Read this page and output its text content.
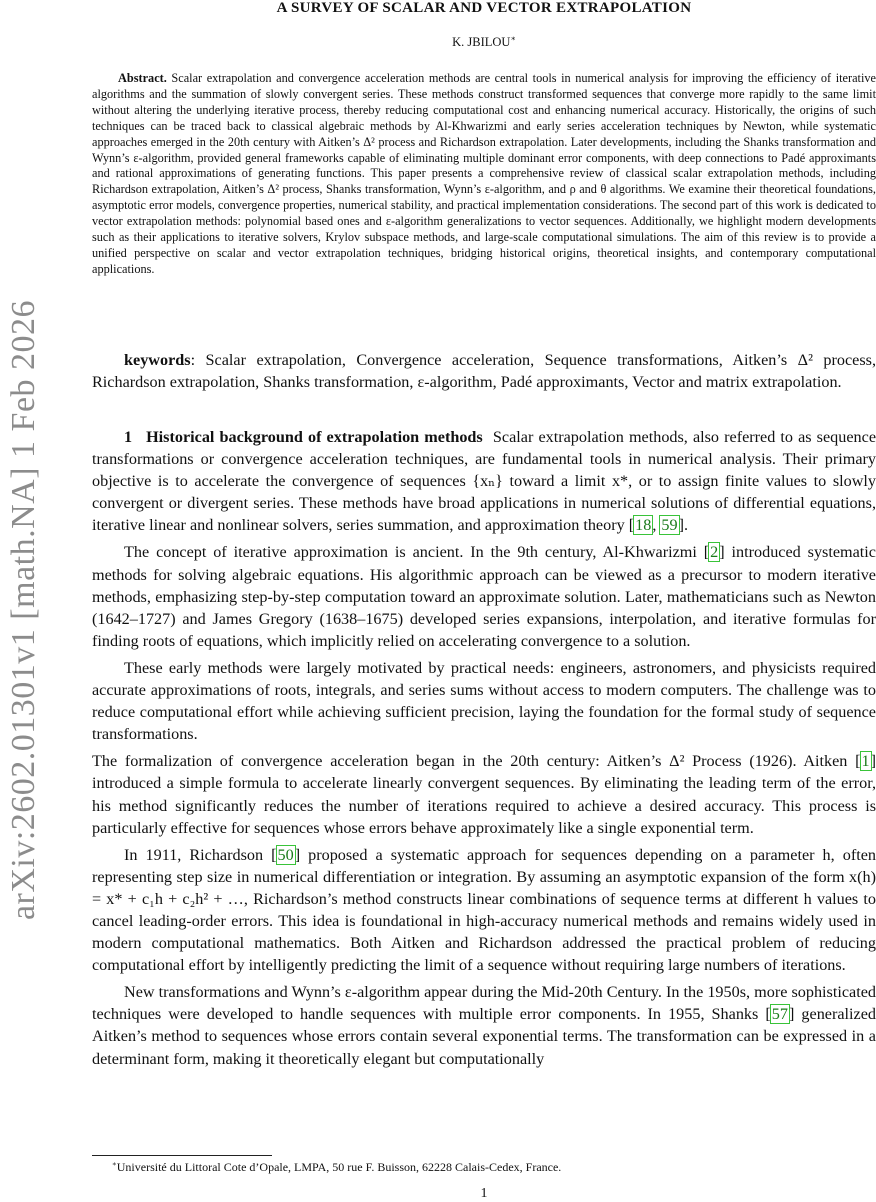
arXiv:2602.01301v1 [math.NA] 1 Feb 2026
A SURVEY OF SCALAR AND VECTOR EXTRAPOLATION
K. JBILOU∗

Abstract. Scalar extrapolation and convergence acceleration methods are central tools in numerical analysis for improving the efficiency of iterative algorithms and the summation of slowly convergent series. These methods construct transformed sequences that converge more rapidly to the same limit without altering the underlying iterative process, thereby reducing computational cost and enhancing numerical accuracy. Historically, the origins of such techniques can be traced back to classical algebraic methods by Al-Khwarizmi and early series acceleration techniques by Newton, while systematic approaches emerged in the 20th century with Aitken’s Δ² process and Richardson extrapolation. Later developments, including the Shanks transformation and Wynn’s ε-algorithm, provided general frameworks capable of eliminating multiple dominant error components, with deep connections to Padé approximants and rational approximations of generating functions. This paper presents a comprehensive review of classical scalar extrapolation methods, including Richardson extrapolation, Aitken’s Δ² process, Shanks transformation, Wynn’s ε-algorithm, and ρ and θ algorithms. We examine their theoretical foundations, asymptotic error models, convergence properties, numerical stability, and practical implementation considerations. The second part of this work is dedicated to vector extrapolation methods: polynomial based ones and ε-algorithm generalizations to vector sequences. Additionally, we highlight modern developments such as their applications to iterative solvers, Krylov subspace methods, and large-scale computational simulations. The aim of this review is to provide a unified perspective on scalar and vector extrapolation techniques, bridging historical origins, theoretical insights, and contemporary computational applications.

keywords: Scalar extrapolation, Convergence acceleration, Sequence transformations, Aitken’s Δ² process, Richardson extrapolation, Shanks transformation, ε-algorithm, Padé approximants, Vector and matrix extrapolation.

1 Historical background of extrapolation methods Scalar extrapolation methods, also referred to as sequence transformations or convergence acceleration techniques, are fundamental tools in numerical analysis. Their primary objective is to accelerate the convergence of sequences {xₙ} toward a limit x*, or to assign finite values to slowly convergent or divergent series. These methods have broad applications in numerical solutions of differential equations, iterative linear and nonlinear solvers, series summation, and approximation theory [18, 59].

The concept of iterative approximation is ancient. In the 9th century, Al-Khwarizmi [2] introduced systematic methods for solving algebraic equations. His algorithmic approach can be viewed as a precursor to modern iterative methods, emphasizing step-by-step computation toward an approximate solution. Later, mathematicians such as Newton (1642–1727) and James Gregory (1638–1675) developed series expansions, interpolation, and iterative formulas for finding roots of equations, which implicitly relied on accelerating convergence to a solution.

These early methods were largely motivated by practical needs: engineers, astronomers, and physicists required accurate approximations of roots, integrals, and series sums without access to modern computers. The challenge was to reduce computational effort while achieving sufficient precision, laying the foundation for the formal study of sequence transformations.

The formalization of convergence acceleration began in the 20th century: Aitken’s Δ² Process (1926). Aitken [1] introduced a simple formula to accelerate linearly convergent sequences. By eliminating the leading term of the error, his method significantly reduces the number of iterations required to achieve a desired accuracy. This process is particularly effective for sequences whose errors behave approximately like a single exponential term.

In 1911, Richardson [50] proposed a systematic approach for sequences depending on a parameter h, often representing step size in numerical differentiation or integration. By assuming an asymptotic expansion of the form x(h) = x* + c₁h + c₂h² + …, Richardson’s method constructs linear combinations of sequence terms at different h values to cancel leading-order errors. This idea is foundational in high-accuracy numerical methods and remains widely used in modern computational mathematics. Both Aitken and Richardson addressed the practical problem of reducing computational effort by intelligently predicting the limit of a sequence without requiring large numbers of iterations.

New transformations and Wynn’s ε-algorithm appear during the Mid-20th Century. In the 1950s, more sophisticated techniques were developed to handle sequences with multiple error components. In 1955, Shanks [57] generalized Aitken’s method to sequences whose errors contain several exponential terms. The transformation can be expressed in a determinant form, making it theoretically elegant but computationally

∗Université du Littoral Cote d’Opale, LMPA, 50 rue F. Buisson, 62228 Calais-Cedex, France.

1
